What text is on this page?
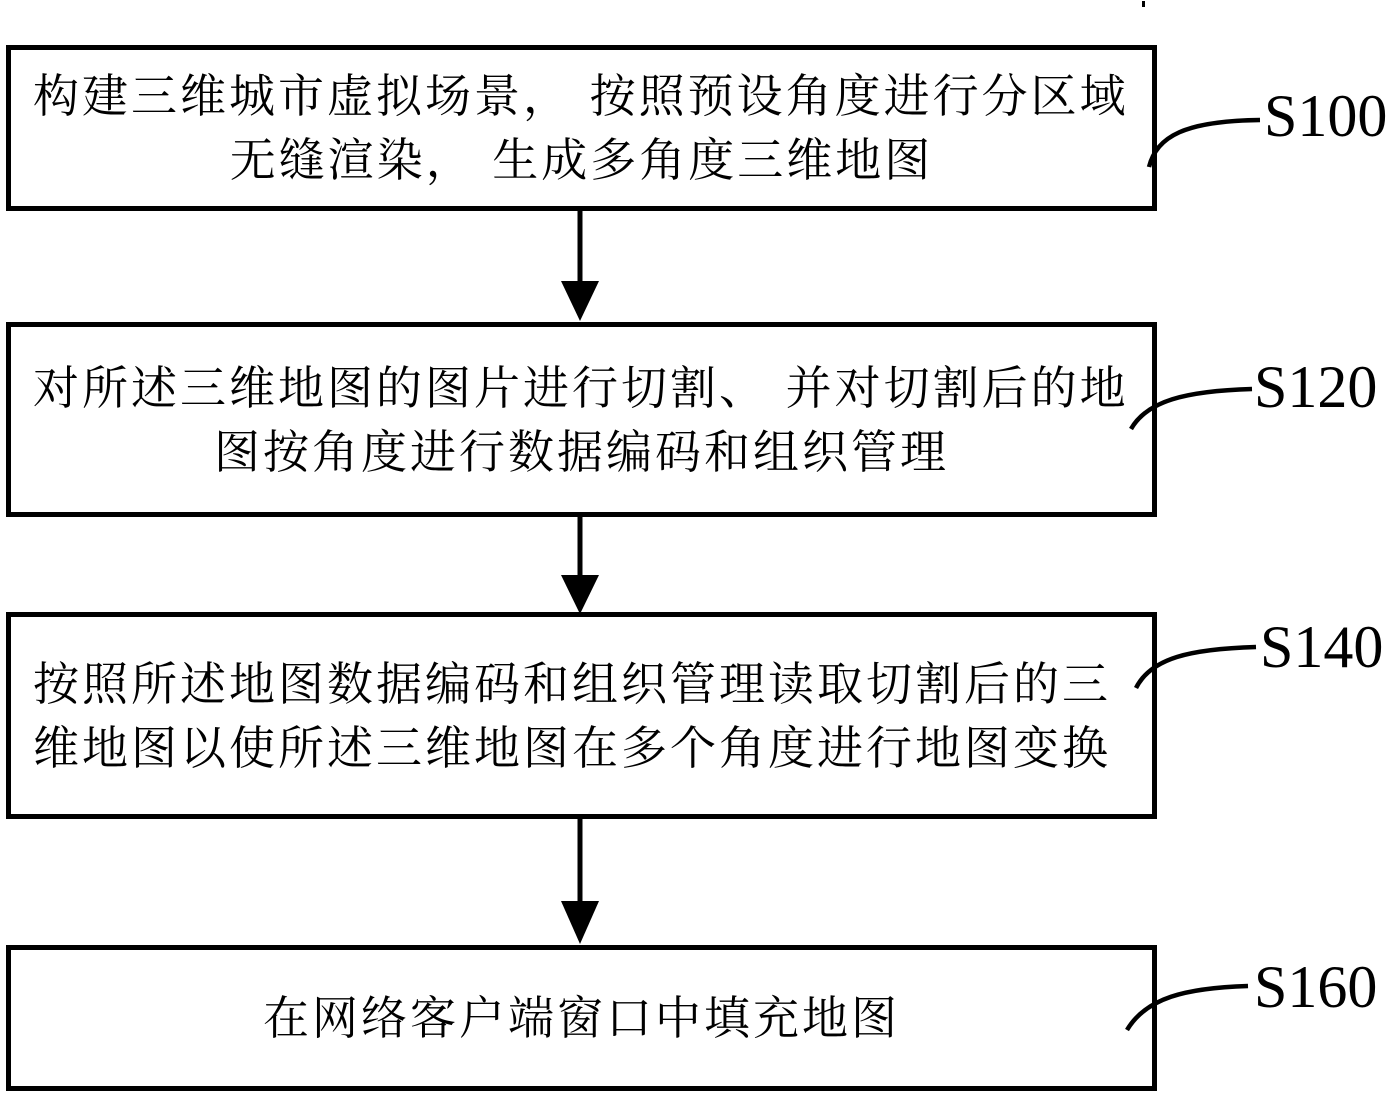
构建三维城市虚拟场景， 按照预设角度进行分区域
无缝渲染， 生成多角度三维地图
对所述三维地图的图片进行切割、 并对切割后的地
图按角度进行数据编码和组织管理
按照所述地图数据编码和组织管理读取切割后的三
维地图以使所述三维地图在多个角度进行地图变换
在网络客户端窗口中填充地图
S100
S120
S140
S160
